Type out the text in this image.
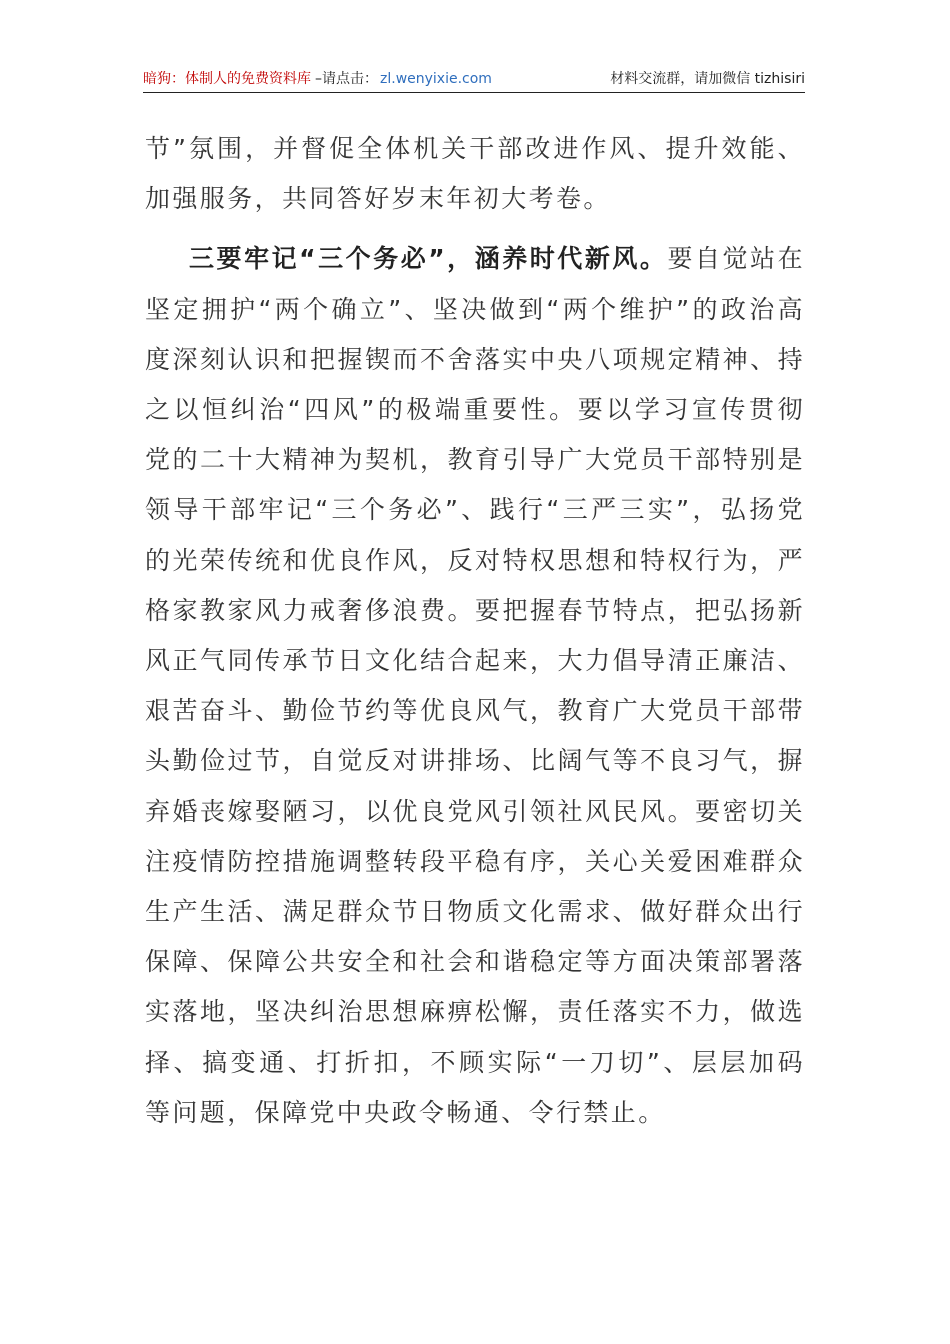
暗狗：体制人的免费资料库 –请点击： zl.wenyixie.com	材料交流群，请加微信 tizhisiri

节”氛围，并督促全体机关干部改进作风、提升效能、加强服务，共同答好岁末年初大考卷。

三要牢记“三个务必”，涵养时代新风。要自觉站在坚定拥护“两个确立”、坚决做到“两个维护”的政治高度深刻认识和把握锲而不舍落实中央八项规定精神、持之以恒纠治“四风”的极端重要性。要以学习宣传贯彻党的二十大精神为契机，教育引导广大党员干部特别是领导干部牢记“三个务必”、践行“三严三实”，弘扬党的光荣传统和优良作风，反对特权思想和特权行为，严格家教家风力戒奢侈浪费。要把握春节特点，把弘扬新风正气同传承节日文化结合起来，大力倡导清正廉洁、艰苦奋斗、勤俭节约等优良风气，教育广大党员干部带头勤俭过节，自觉反对讲排场、比阔气等不良习气，摒弃婚丧嫁娶陋习，以优良党风引领社风民风。要密切关注疫情防控措施调整转段平稳有序，关心关爱困难群众生产生活、满足群众节日物质文化需求、做好群众出行保障、保障公共安全和社会和谐稳定等方面决策部署落实落地，坚决纠治思想麻痹松懈，责任落实不力，做选择、搞变通、打折扣，不顾实际“一刀切”、层层加码等问题，保障党中央政令畅通、令行禁止。
